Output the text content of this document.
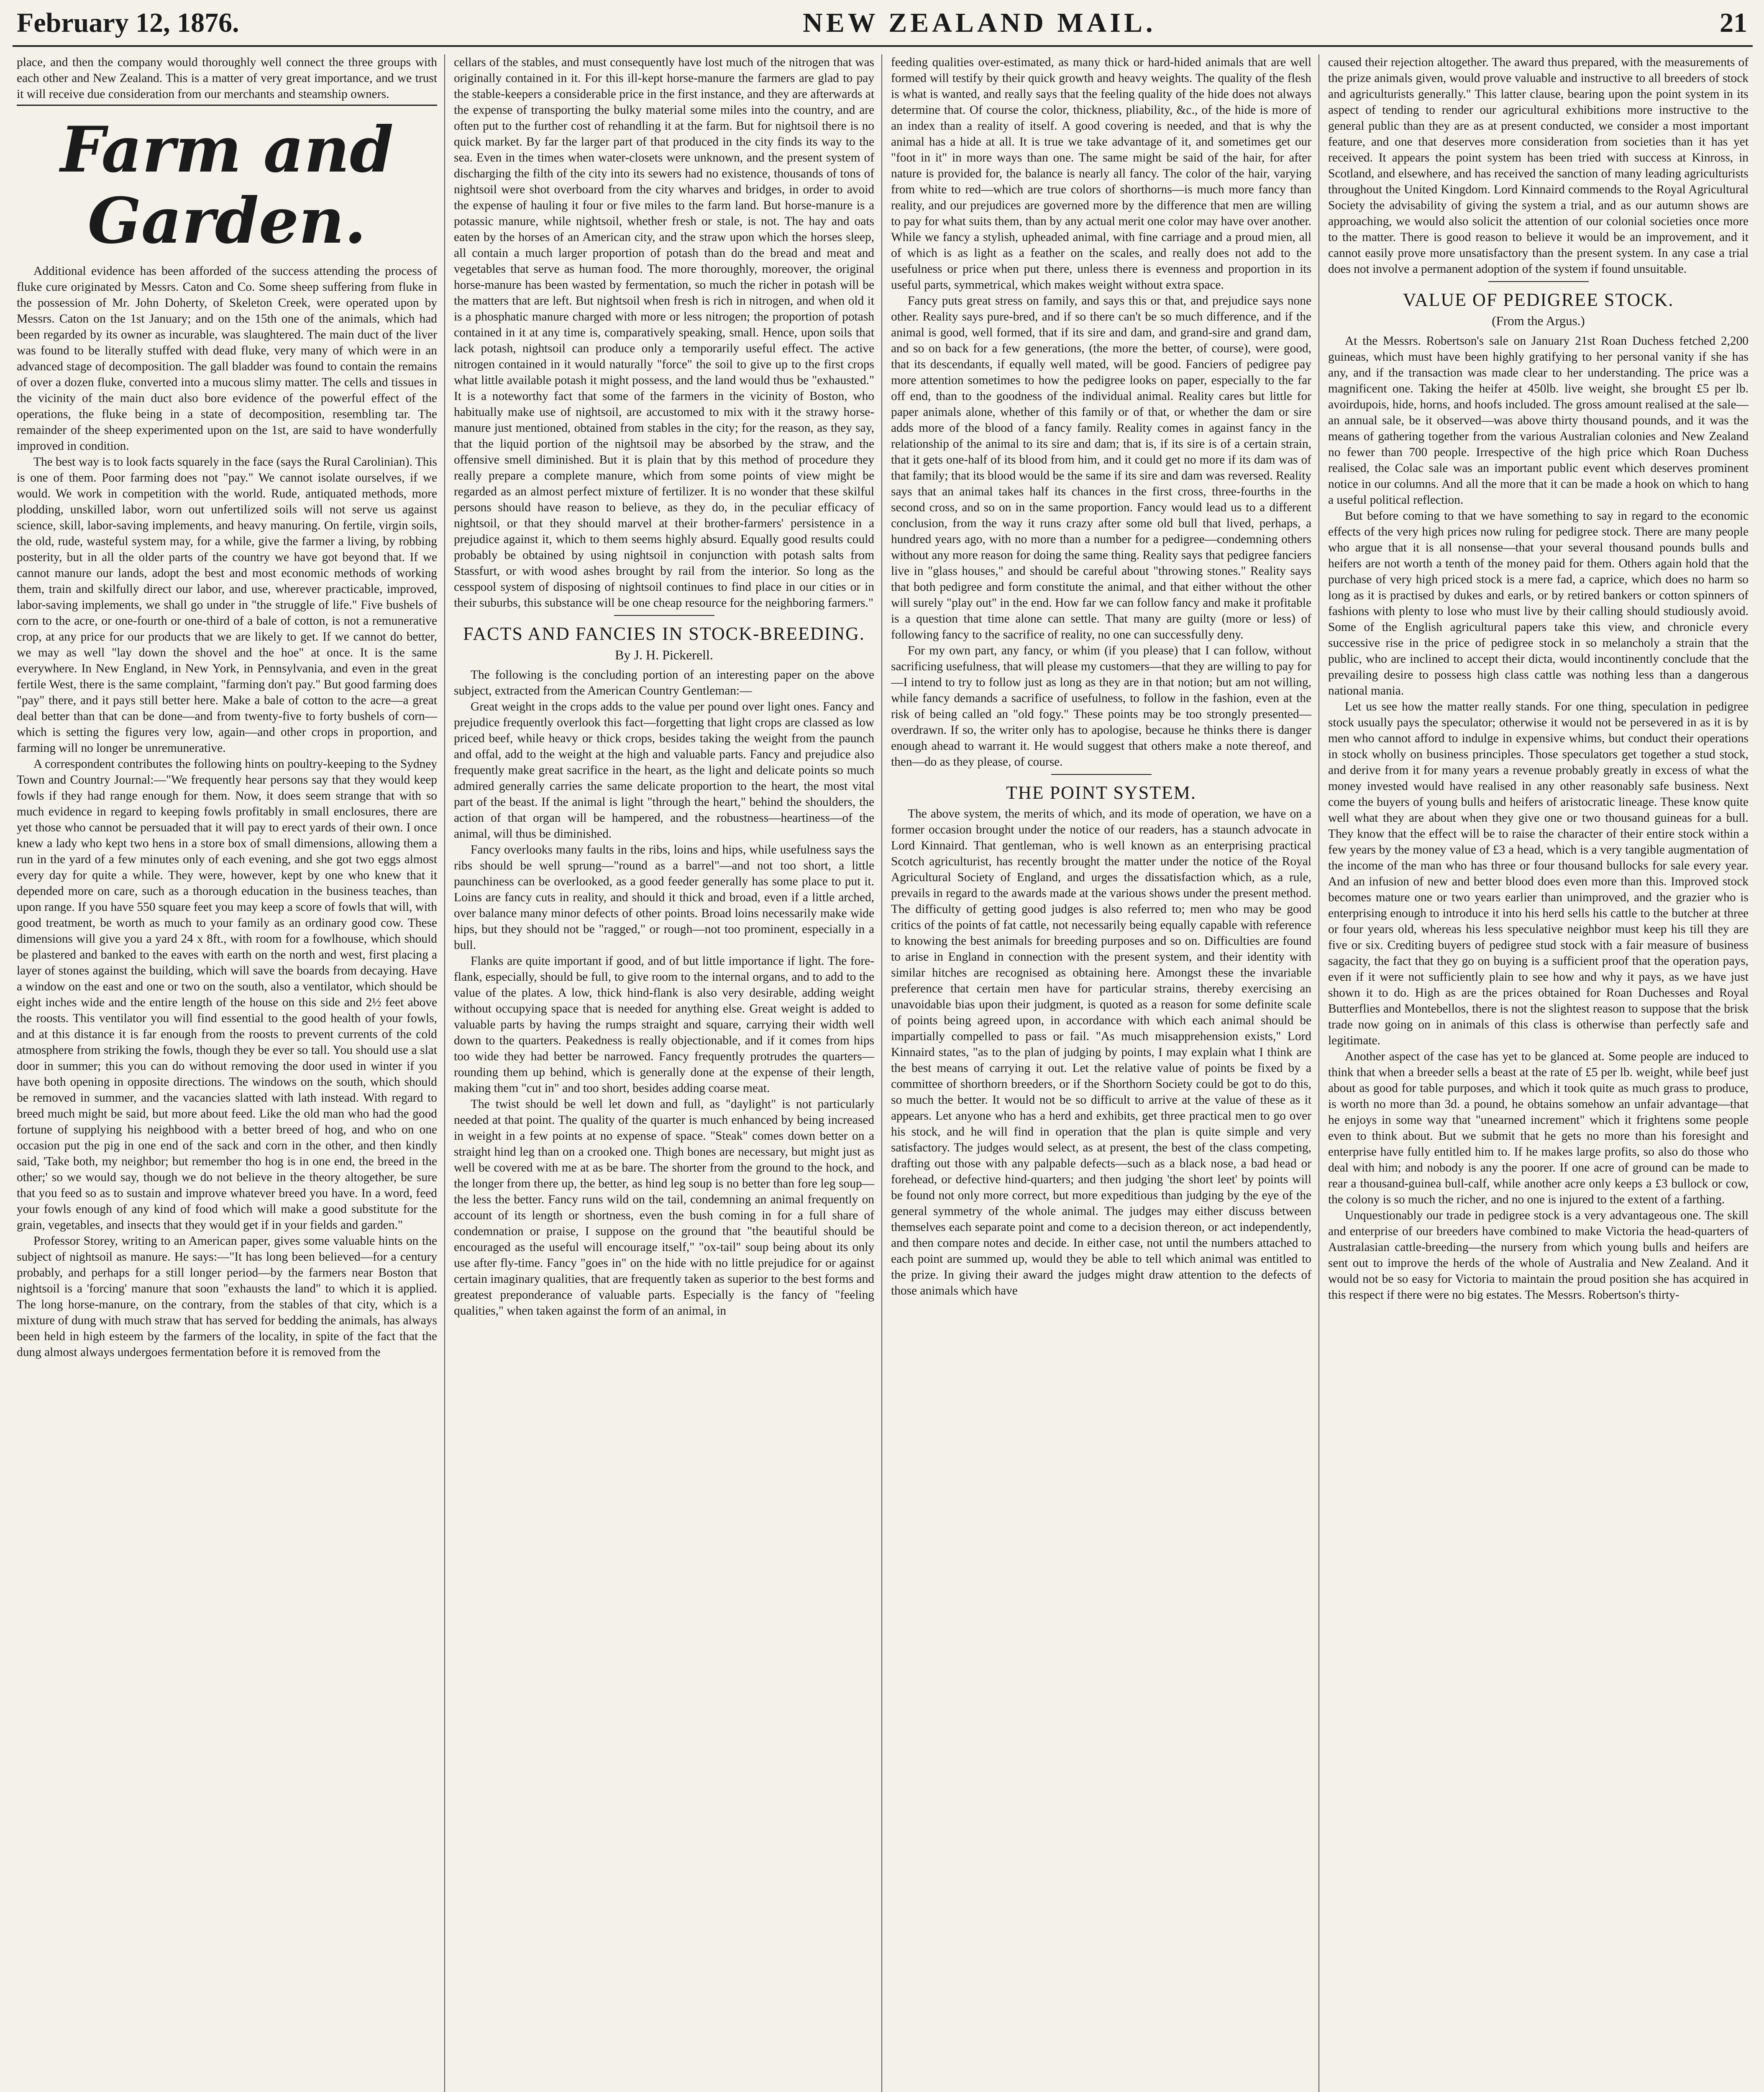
February 12, 1876.	NEW ZEALAND MAIL.	21

place, and then the company would thoroughly well connect the three groups with each other and New Zealand. This is a matter of very great importance, and we trust it will receive due consideration from our merchants and steamship owners.

Farm and Garden.

Additional evidence has been afforded of the success attending the process of fluke cure originated by Messrs. Caton and Co. Some sheep suffering from fluke in the possession of Mr. John Doherty, of Skeleton Creek, were operated upon by Messrs. Caton on the 1st January; and on the 15th one of the animals, which had been regarded by its owner as incurable, was slaughtered. The main duct of the liver was found to be literally stuffed with dead fluke, very many of which were in an advanced stage of decomposition. The gall bladder was found to contain the remains of over a dozen fluke, converted into a mucous slimy matter. The cells and tissues in the vicinity of the main duct also bore evidence of the powerful effect of the operations, the fluke being in a state of decomposition, resembling tar. The remainder of the sheep experimented upon on the 1st, are said to have wonderfully improved in condition.

The best way is to look facts squarely in the face (says the Rural Carolinian). This is one of them. Poor farming does not "pay." We cannot isolate ourselves, if we would. We work in competition with the world. Rude, antiquated methods, more plodding, unskilled labor, worn out unfertilized soils will not serve us against science, skill, labor-saving implements, and heavy manuring. On fertile, virgin soils, the old, rude, wasteful system may, for a while, give the farmer a living, by robbing posterity, but in all the older parts of the country we have got beyond that. If we cannot manure our lands, adopt the best and most economic methods of working them, train and skilfully direct our labor, and use, wherever practicable, improved, labor-saving implements, we shall go under in "the struggle of life." Five bushels of corn to the acre, or one-fourth or one-third of a bale of cotton, is not a remunerative crop, at any price for our products that we are likely to get. If we cannot do better, we may as well "lay down the shovel and the hoe" at once. It is the same everywhere. In New England, in New York, in Pennsylvania, and even in the great fertile West, there is the same complaint, "farming don't pay." But good farming does "pay" there, and it pays still better here. Make a bale of cotton to the acre—a great deal better than that can be done—and from twenty-five to forty bushels of corn—which is setting the figures very low, again—and other crops in proportion, and farming will no longer be unremunerative.

A correspondent contributes the following hints on poultry-keeping to the Sydney Town and Country Journal:—"We frequently hear persons say that they would keep fowls if they had range enough for them. Now, it does seem strange that with so much evidence in regard to keeping fowls profitably in small enclosures, there are yet those who cannot be persuaded that it will pay to erect yards of their own. I once knew a lady who kept two hens in a store box of small dimensions, allowing them a run in the yard of a few minutes only of each evening, and she got two eggs almost every day for quite a while. They were, however, kept by one who knew that it depended more on care, such as a thorough education in the business teaches, than upon range. If you have 550 square feet you may keep a score of fowls that will, with good treatment, be worth as much to your family as an ordinary good cow. These dimensions will give you a yard 24 x 8ft., with room for a fowlhouse, which should be plastered and banked to the eaves with earth on the north and west, first placing a layer of stones against the building, which will save the boards from decaying. Have a window on the east and one or two on the south, also a ventilator, which should be eight inches wide and the entire length of the house on this side and 2½ feet above the roosts. This ventilator you will find essential to the good health of your fowls, and at this distance it is far enough from the roosts to prevent currents of the cold atmosphere from striking the fowls, though they be ever so tall. You should use a slat door in summer; this you can do without removing the door used in winter if you have both opening in opposite directions. The windows on the south, which should be removed in summer, and the vacancies slatted with lath instead. With regard to breed much might be said, but more about feed. Like the old man who had the good fortune of supplying his neighbood with a better breed of hog, and who on one occasion put the pig in one end of the sack and corn in the other, and then kindly said, 'Take both, my neighbor; but remember tho hog is in one end, the breed in the other;' so we would say, though we do not believe in the theory altogether, be sure that you feed so as to sustain and improve whatever breed you have. In a word, feed your fowls enough of any kind of food which will make a good substitute for the grain, vegetables, and insects that they would get if in your fields and garden."

Professor Storey, writing to an American paper, gives some valuable hints on the subject of nightsoil as manure. He says:—"It has long been believed—for a century probably, and perhaps for a still longer period—by the farmers near Boston that nightsoil is a 'forcing' manure that soon "exhausts the land" to which it is applied. The long horse-manure, on the contrary, from the stables of that city, which is a mixture of dung with much straw that has served for bedding the animals, has always been held in high esteem by the farmers of the locality, in spite of the fact that the dung almost always undergoes fermentation before it is removed from the

cellars of the stables, and must consequently have lost much of the nitrogen that was originally contained in it. For this ill-kept horse-manure the farmers are glad to pay the stable-keepers a considerable price in the first instance, and they are afterwards at the expense of transporting the bulky material some miles into the country, and are often put to the further cost of rehandling it at the farm. But for nightsoil there is no quick market. By far the larger part of that produced in the city finds its way to the sea. Even in the times when water-closets were unknown, and the present system of discharging the filth of the city into its sewers had no existence, thousands of tons of nightsoil were shot overboard from the city wharves and bridges, in order to avoid the expense of hauling it four or five miles to the farm land. But horse-manure is a potassic manure, while nightsoil, whether fresh or stale, is not. The hay and oats eaten by the horses of an American city, and the straw upon which the horses sleep, all contain a much larger proportion of potash than do the bread and meat and vegetables that serve as human food. The more thoroughly, moreover, the original horse-manure has been wasted by fermentation, so much the richer in potash will be the matters that are left. But nightsoil when fresh is rich in nitrogen, and when old it is a phosphatic manure charged with more or less nitrogen; the proportion of potash contained in it at any time is, comparatively speaking, small. Hence, upon soils that lack potash, nightsoil can produce only a temporarily useful effect. The active nitrogen contained in it would naturally "force" the soil to give up to the first crops what little available potash it might possess, and the land would thus be "exhausted." It is a noteworthy fact that some of the farmers in the vicinity of Boston, who habitually make use of nightsoil, are accustomed to mix with it the strawy horse-manure just mentioned, obtained from stables in the city; for the reason, as they say, that the liquid portion of the nightsoil may be absorbed by the straw, and the offensive smell diminished. But it is plain that by this method of procedure they really prepare a complete manure, which from some points of view might be regarded as an almost perfect mixture of fertilizer. It is no wonder that these skilful persons should have reason to believe, as they do, in the peculiar efficacy of nightsoil, or that they should marvel at their brother-farmers' persistence in a prejudice against it, which to them seems highly absurd. Equally good results could probably be obtained by using nightsoil in conjunction with potash salts from Stassfurt, or with wood ashes brought by rail from the interior. So long as the cesspool system of disposing of nightsoil continues to find place in our cities or in their suburbs, this substance will be one cheap resource for the neighboring farmers."

FACTS AND FANCIES IN STOCK-BREEDING.
By J. H. Pickerell.

The following is the concluding portion of an interesting paper on the above subject, extracted from the American Country Gentleman:—

Great weight in the crops adds to the value per pound over light ones. Fancy and prejudice frequently overlook this fact—forgetting that light crops are classed as low priced beef, while heavy or thick crops, besides taking the weight from the paunch and offal, add to the weight at the high and valuable parts. Fancy and prejudice also frequently make great sacrifice in the heart, as the light and delicate points so much admired generally carries the same delicate proportion to the heart, the most vital part of the beast. If the animal is light "through the heart," behind the shoulders, the action of that organ will be hampered, and the robustness—heartiness—of the animal, will thus be diminished.

Fancy overlooks many faults in the ribs, loins and hips, while usefulness says the ribs should be well sprung—"round as a barrel"—and not too short, a little paunchiness can be overlooked, as a good feeder generally has some place to put it. Loins are fancy cuts in reality, and should it thick and broad, even if a little arched, over balance many minor defects of other points. Broad loins necessarily make wide hips, but they should not be "ragged," or rough—not too prominent, especially in a bull.

Flanks are quite important if good, and of but little importance if light. The fore-flank, especially, should be full, to give room to the internal organs, and to add to the value of the plates. A low, thick hind-flank is also very desirable, adding weight without occupying space that is needed for anything else. Great weight is added to valuable parts by having the rumps straight and square, carrying their width well down to the quarters. Peakedness is really objectionable, and if it comes from hips too wide they had better be narrowed. Fancy frequently protrudes the quarters—rounding them up behind, which is generally done at the expense of their length, making them "cut in" and too short, besides adding coarse meat.

The twist should be well let down and full, as "daylight" is not particularly needed at that point. The quality of the quarter is much enhanced by being increased in weight in a few points at no expense of space. "Steak" comes down better on a straight hind leg than on a crooked one. Thigh bones are necessary, but might just as well be covered with me at as be bare. The shorter from the ground to the hock, and the longer from there up, the better, as hind leg soup is no better than fore leg soup—the less the better. Fancy runs wild on the tail, condemning an animal frequently on account of its length or shortness, even the bush coming in for a full share of condemnation or praise, I suppose on the ground that "the beautiful should be encouraged as the useful will encourage itself," "ox-tail" soup being about its only use after fly-time. Fancy "goes in" on the hide with no little prejudice for or against certain imaginary qualities, that are frequently taken as superior to the best forms and greatest preponderance of valuable parts. Especially is the fancy of "feeling qualities," when taken against the form of an animal, in

feeding qualities over-estimated, as many thick or hard-hided animals that are well formed will testify by their quick growth and heavy weights. The quality of the flesh is what is wanted, and really says that the feeling quality of the hide does not always determine that. Of course the color, thickness, pliability, &c., of the hide is more of an index than a reality of itself. A good covering is needed, and that is why the animal has a hide at all. It is true we take advantage of it, and sometimes get our "foot in it" in more ways than one. The same might be said of the hair, for after nature is provided for, the balance is nearly all fancy. The color of the hair, varying from white to red—which are true colors of shorthorns—is much more fancy than reality, and our prejudices are governed more by the difference that men are willing to pay for what suits them, than by any actual merit one color may have over another. While we fancy a stylish, upheaded animal, with fine carriage and a proud mien, all of which is as light as a feather on the scales, and really does not add to the usefulness or price when put there, unless there is evenness and proportion in its useful parts, symmetrical, which makes weight without extra space.

Fancy puts great stress on family, and says this or that, and prejudice says none other. Reality says pure-bred, and if so there can't be so much difference, and if the animal is good, well formed, that if its sire and dam, and grand-sire and grand dam, and so on back for a few generations, (the more the better, of course), were good, that its descendants, if equally well mated, will be good. Fanciers of pedigree pay more attention sometimes to how the pedigree looks on paper, especially to the far off end, than to the goodness of the individual animal. Reality cares but little for paper animals alone, whether of this family or of that, or whether the dam or sire adds more of the blood of a fancy family. Reality comes in against fancy in the relationship of the animal to its sire and dam; that is, if its sire is of a certain strain, that it gets one-half of its blood from him, and it could get no more if its dam was of that family; that its blood would be the same if its sire and dam was reversed. Reality says that an animal takes half its chances in the first cross, three-fourths in the second cross, and so on in the same proportion. Fancy would lead us to a different conclusion, from the way it runs crazy after some old bull that lived, perhaps, a hundred years ago, with no more than a number for a pedigree—condemning others without any more reason for doing the same thing. Reality says that pedigree fanciers live in "glass houses," and should be careful about "throwing stones." Reality says that both pedigree and form constitute the animal, and that either without the other will surely "play out" in the end. How far we can follow fancy and make it profitable is a question that time alone can settle. That many are guilty (more or less) of following fancy to the sacrifice of reality, no one can successfully deny.

For my own part, any fancy, or whim (if you please) that I can follow, without sacrificing usefulness, that will please my customers—that they are willing to pay for—I intend to try to follow just as long as they are in that notion; but am not willing, while fancy demands a sacrifice of usefulness, to follow in the fashion, even at the risk of being called an "old fogy." These points may be too strongly presented—overdrawn. If so, the writer only has to apologise, because he thinks there is danger enough ahead to warrant it. He would suggest that others make a note thereof, and then—do as they please, of course.

THE POINT SYSTEM.

The above system, the merits of which, and its mode of operation, we have on a former occasion brought under the notice of our readers, has a staunch advocate in Lord Kinnaird. That gentleman, who is well known as an enterprising practical Scotch agriculturist, has recently brought the matter under the notice of the Royal Agricultural Society of England, and urges the dissatisfaction which, as a rule, prevails in regard to the awards made at the various shows under the present method. The difficulty of getting good judges is also referred to; men who may be good critics of the points of fat cattle, not necessarily being equally capable with reference to knowing the best animals for breeding purposes and so on. Difficulties are found to arise in England in connection with the present system, and their identity with similar hitches are recognised as obtaining here. Amongst these the invariable preference that certain men have for particular strains, thereby exercising an unavoidable bias upon their judgment, is quoted as a reason for some definite scale of points being agreed upon, in accordance with which each animal should be impartially compelled to pass or fail. "As much misapprehension exists," Lord Kinnaird states, "as to the plan of judging by points, I may explain what I think are the best means of carrying it out. Let the relative value of points be fixed by a committee of shorthorn breeders, or if the Shorthorn Society could be got to do this, so much the better. It would not be so difficult to arrive at the value of these as it appears. Let anyone who has a herd and exhibits, get three practical men to go over his stock, and he will find in operation that the plan is quite simple and very satisfactory. The judges would select, as at present, the best of the class competing, drafting out those with any palpable defects—such as a black nose, a bad head or forehead, or defective hind-quarters; and then judging 'the short leet' by points will be found not only more correct, but more expeditious than judging by the eye of the general symmetry of the whole animal. The judges may either discuss between themselves each separate point and come to a decision thereon, or act independently, and then compare notes and decide. In either case, not until the numbers attached to each point are summed up, would they be able to tell which animal was entitled to the prize. In giving their award the judges might draw attention to the defects of those animals which have

caused their rejection altogether. The award thus prepared, with the measurements of the prize animals given, would prove valuable and instructive to all breeders of stock and agriculturists generally." This latter clause, bearing upon the point system in its aspect of tending to render our agricultural exhibitions more instructive to the general public than they are as at present conducted, we consider a most important feature, and one that deserves more consideration from societies than it has yet received. It appears the point system has been tried with success at Kinross, in Scotland, and elsewhere, and has received the sanction of many leading agriculturists throughout the United Kingdom. Lord Kinnaird commends to the Royal Agricultural Society the advisability of giving the system a trial, and as our autumn shows are approaching, we would also solicit the attention of our colonial societies once more to the matter. There is good reason to believe it would be an improvement, and it cannot easily prove more unsatisfactory than the present system. In any case a trial does not involve a permanent adoption of the system if found unsuitable.

VALUE OF PEDIGREE STOCK.
(From the Argus.)

At the Messrs. Robertson's sale on January 21st Roan Duchess fetched 2,200 guineas, which must have been highly gratifying to her personal vanity if she has any, and if the transaction was made clear to her understanding. The price was a magnificent one. Taking the heifer at 450lb. live weight, she brought £5 per lb. avoirdupois, hide, horns, and hoofs included. The gross amount realised at the sale—an annual sale, be it observed—was above thirty thousand pounds, and it was the means of gathering together from the various Australian colonies and New Zealand no fewer than 700 people. Irrespective of the high price which Roan Duchess realised, the Colac sale was an important public event which deserves prominent notice in our columns. And all the more that it can be made a hook on which to hang a useful political reflection.

But before coming to that we have something to say in regard to the economic effects of the very high prices now ruling for pedigree stock. There are many people who argue that it is all nonsense—that your several thousand pounds bulls and heifers are not worth a tenth of the money paid for them. Others again hold that the purchase of very high priced stock is a mere fad, a caprice, which does no harm so long as it is practised by dukes and earls, or by retired bankers or cotton spinners of fashions with plenty to lose who must live by their calling should studiously avoid. Some of the English agricultural papers take this view, and chronicle every successive rise in the price of pedigree stock in so melancholy a strain that the public, who are inclined to accept their dicta, would incontinently conclude that the prevailing desire to possess high class cattle was nothing less than a dangerous national mania.

Let us see how the matter really stands. For one thing, speculation in pedigree stock usually pays the speculator; otherwise it would not be persevered in as it is by men who cannot afford to indulge in expensive whims, but conduct their operations in stock wholly on business principles. Those speculators get together a stud stock, and derive from it for many years a revenue probably greatly in excess of what the money invested would have realised in any other reasonably safe business. Next come the buyers of young bulls and heifers of aristocratic lineage. These know quite well what they are about when they give one or two thousand guineas for a bull. They know that the effect will be to raise the character of their entire stock within a few years by the money value of £3 a head, which is a very tangible augmentation of the income of the man who has three or four thousand bullocks for sale every year. And an infusion of new and better blood does even more than this. Improved stock becomes mature one or two years earlier than unimproved, and the grazier who is enterprising enough to introduce it into his herd sells his cattle to the butcher at three or four years old, whereas his less speculative neighbor must keep his till they are five or six. Crediting buyers of pedigree stud stock with a fair measure of business sagacity, the fact that they go on buying is a sufficient proof that the operation pays, even if it were not sufficiently plain to see how and why it pays, as we have just shown it to do. High as are the prices obtained for Roan Duchesses and Royal Butterflies and Montebellos, there is not the slightest reason to suppose that the brisk trade now going on in animals of this class is otherwise than perfectly safe and legitimate.

Another aspect of the case has yet to be glanced at. Some people are induced to think that when a breeder sells a beast at the rate of £5 per lb. weight, while beef just about as good for table purposes, and which it took quite as much grass to produce, is worth no more than 3d. a pound, he obtains somehow an unfair advantage—that he enjoys in some way that "unearned increment" which it frightens some people even to think about. But we submit that he gets no more than his foresight and enterprise have fully entitled him to. If he makes large profits, so also do those who deal with him; and nobody is any the poorer. If one acre of ground can be made to rear a thousand-guinea bull-calf, while another acre only keeps a £3 bullock or cow, the colony is so much the richer, and no one is injured to the extent of a farthing.

Unquestionably our trade in pedigree stock is a very advantageous one. The skill and enterprise of our breeders have combined to make Victoria the head-quarters of Australasian cattle-breeding—the nursery from which young bulls and heifers are sent out to improve the herds of the whole of Australia and New Zealand. And it would not be so easy for Victoria to maintain the proud position she has acquired in this respect if there were no big estates. The Messrs. Robertson's thirty-
